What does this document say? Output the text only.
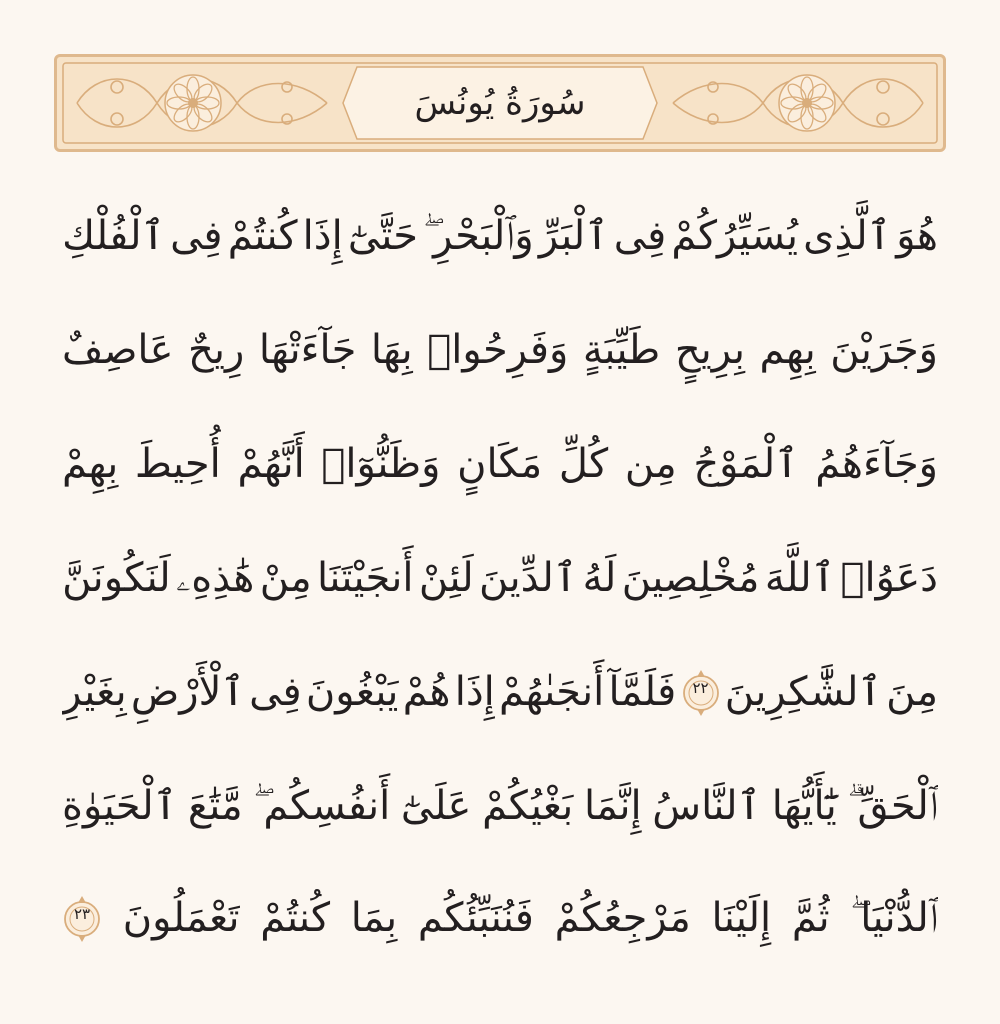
سُورَةُ يُونُسَ
هُوَ
ٱلَّذِى
يُسَيِّرُكُمْ
فِى
ٱلْبَرِّ
وَٱلْبَحْرِ ۖ
حَتَّىٰٓ
إِذَا
كُنتُمْ
فِى
ٱلْفُلْكِ
وَجَرَيْنَ
بِهِم
بِرِيحٍ
طَيِّبَةٍ
وَفَرِحُوا۟
بِهَا
جَآءَتْهَا
رِيحٌ
عَاصِفٌ
وَجَآءَهُمُ
ٱلْمَوْجُ
مِن
كُلِّ
مَكَانٍ
وَظَنُّوٓا۟
أَنَّهُمْ
أُحِيطَ
بِهِمْ
دَعَوُا۟
ٱللَّهَ
مُخْلِصِينَ
لَهُ
ٱلدِّينَ
لَئِنْ
أَنجَيْتَنَا
مِنْ
هَٰذِهِۦ
لَنَكُونَنَّ
مِنَ
ٱلشَّٰكِرِينَ
٢٢
فَلَمَّآ
أَنجَىٰهُمْ
إِذَا
هُمْ
يَبْغُونَ
فِى
ٱلْأَرْضِ
بِغَيْرِ
ٱلْحَقِّ ۗ
يَٰٓأَيُّهَا
ٱلنَّاسُ
إِنَّمَا
بَغْيُكُمْ
عَلَىٰٓ
أَنفُسِكُم ۖ
مَّتَٰعَ
ٱلْحَيَوٰةِ
ٱلدُّنْيَا ۖ
ثُمَّ
إِلَيْنَا
مَرْجِعُكُمْ
فَنُنَبِّئُكُم
بِمَا
كُنتُمْ
تَعْمَلُونَ
٢٣
